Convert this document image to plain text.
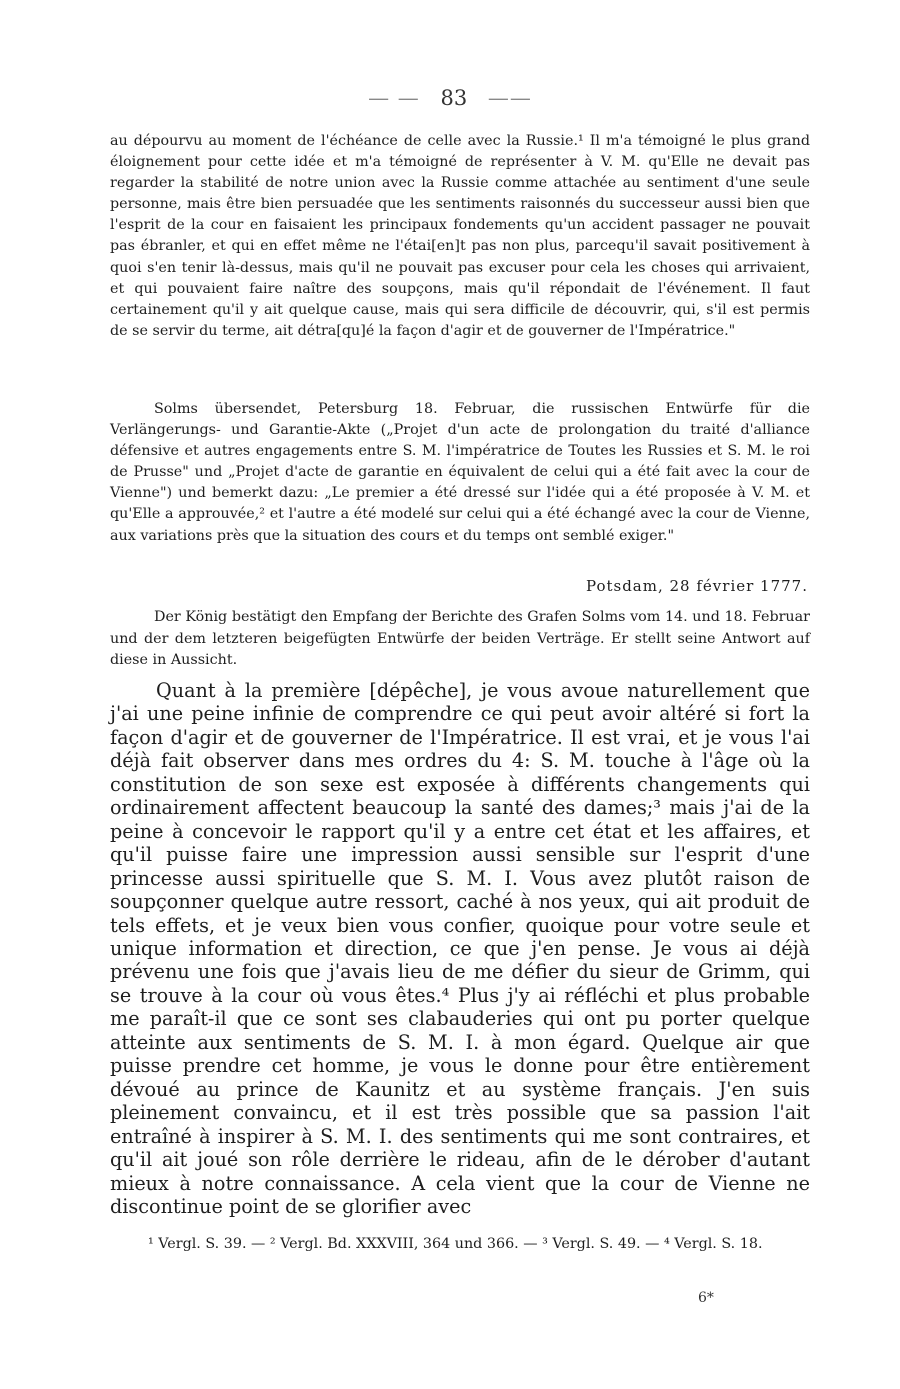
— — 83 ——

au dépourvu au moment de l'échéance de celle avec la Russie.¹ Il m'a témoigné le plus grand éloignement pour cette idée et m'a témoigné de représenter à V. M. qu'Elle ne devait pas regarder la stabilité de notre union avec la Russie comme attachée au sentiment d'une seule personne, mais être bien persuadée que les sentiments raisonnés du successeur aussi bien que l'esprit de la cour en faisaient les principaux fondements qu'un accident passager ne pouvait pas ébranler, et qui en effet même ne l'étai[en]t pas non plus, parcequ'il savait positivement à quoi s'en tenir là-dessus, mais qu'il ne pouvait pas excuser pour cela les choses qui arrivaient, et qui pouvaient faire naître des soupçons, mais qu'il répondait de l'événement. Il faut certainement qu'il y ait quelque cause, mais qui sera difficile de découvrir, qui, s'il est permis de se servir du terme, ait détra[qu]é la façon d'agir et de gouverner de l'Impératrice."

Solms übersendet, Petersburg 18. Februar, die russischen Entwürfe für die Verlängerungs- und Garantie-Akte („Projet d'un acte de prolongation du traité d'alliance défensive et autres engagements entre S. M. l'impératrice de Toutes les Russies et S. M. le roi de Prusse" und „Projet d'acte de garantie en équivalent de celui qui a été fait avec la cour de Vienne") und bemerkt dazu: „Le premier a été dressé sur l'idée qui a été proposée à V. M. et qu'Elle a approuvée,² et l'autre a été modelé sur celui qui a été échangé avec la cour de Vienne, aux variations près que la situation des cours et du temps ont semblé exiger."

Potsdam, 28 février 1777.

Der König bestätigt den Empfang der Berichte des Grafen Solms vom 14. und 18. Februar und der dem letzteren beigefügten Entwürfe der beiden Verträge. Er stellt seine Antwort auf diese in Aussicht.

Quant à la première [dépêche], je vous avoue naturellement que j'ai une peine infinie de comprendre ce qui peut avoir altéré si fort la façon d'agir et de gouverner de l'Impératrice. Il est vrai, et je vous l'ai déjà fait observer dans mes ordres du 4: S. M. touche à l'âge où la constitution de son sexe est exposée à différents changements qui ordinairement affectent beaucoup la santé des dames;³ mais j'ai de la peine à concevoir le rapport qu'il y a entre cet état et les affaires, et qu'il puisse faire une impression aussi sensible sur l'esprit d'une princesse aussi spirituelle que S. M. I. Vous avez plutôt raison de soupçonner quelque autre ressort, caché à nos yeux, qui ait produit de tels effets, et je veux bien vous confier, quoique pour votre seule et unique information et direction, ce que j'en pense. Je vous ai déjà prévenu une fois que j'avais lieu de me défier du sieur de Grimm, qui se trouve à la cour où vous êtes.⁴ Plus j'y ai réfléchi et plus probable me paraît-il que ce sont ses clabauderies qui ont pu porter quelque atteinte aux sentiments de S. M. I. à mon égard. Quelque air que puisse prendre cet homme, je vous le donne pour être entièrement dévoué au prince de Kaunitz et au système français. J'en suis pleinement convaincu, et il est très possible que sa passion l'ait entraîné à inspirer à S. M. I. des sentiments qui me sont contraires, et qu'il ait joué son rôle derrière le rideau, afin de le dérober d'autant mieux à notre connaissance. A cela vient que la cour de Vienne ne discontinue point de se glorifier avec

¹ Vergl. S. 39. — ² Vergl. Bd. XXXVIII, 364 und 366. — ³ Vergl. S. 49. — ⁴ Vergl. S. 18.

6*
